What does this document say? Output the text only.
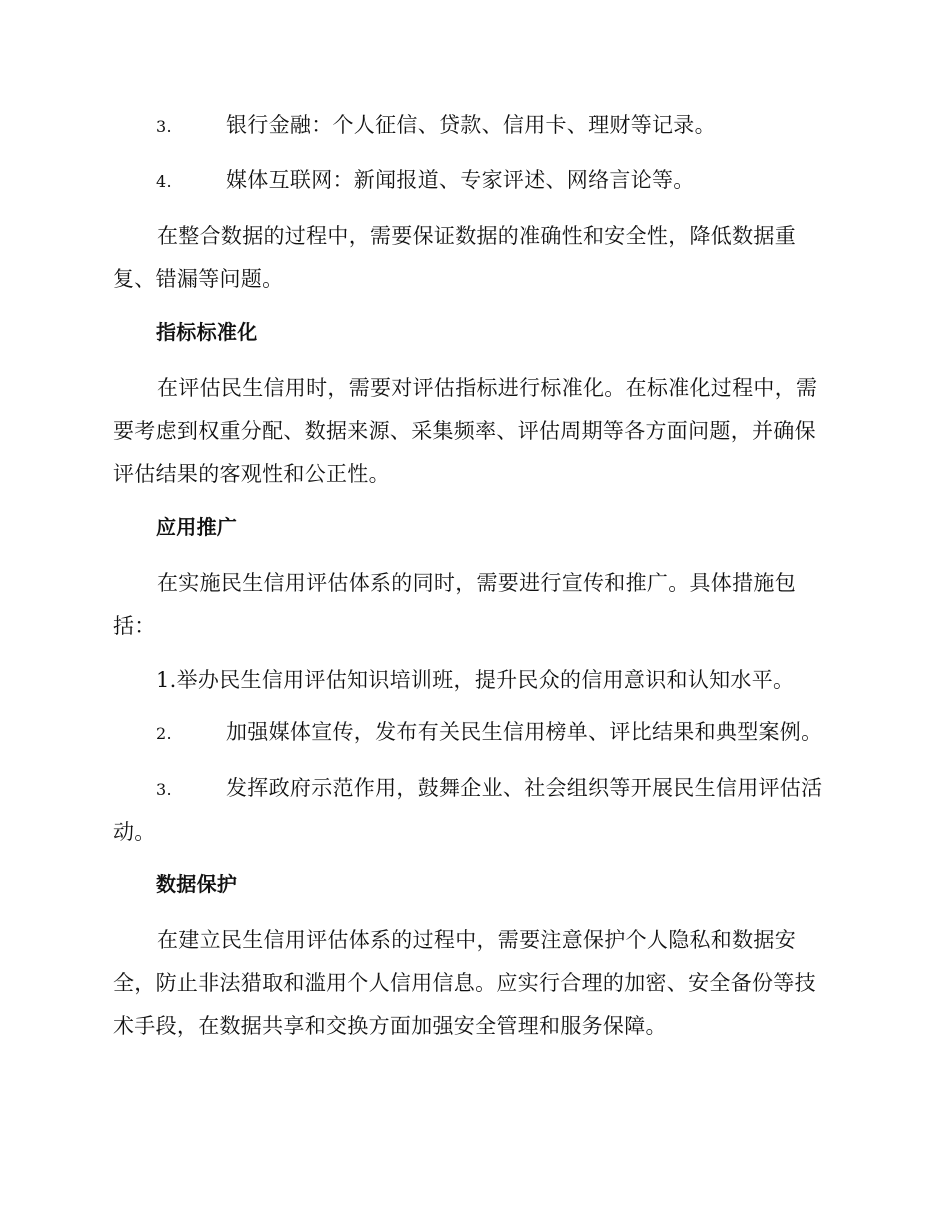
3.	银行金融：个人征信、贷款、信用卡、理财等记录。

4.	媒体互联网：新闻报道、专家评述、网络言论等。

在整合数据的过程中，需要保证数据的准确性和安全性，降低数据重复、错漏等问题。

指标标准化

在评估民生信用时，需要对评估指标进行标准化。在标准化过程中，需要考虑到权重分配、数据来源、采集频率、评估周期等各方面问题，并确保评估结果的客观性和公正性。

应用推广

在实施民生信用评估体系的同时，需要进行宣传和推广。具体措施包括：

1.举办民生信用评估知识培训班，提升民众的信用意识和认知水平。

2.	加强媒体宣传，发布有关民生信用榜单、评比结果和典型案例。

3.	发挥政府示范作用，鼓舞企业、社会组织等开展民生信用评估活动。

数据保护

在建立民生信用评估体系的过程中，需要注意保护个人隐私和数据安全，防止非法猎取和滥用个人信用信息。应实行合理的加密、安全备份等技术手段，在数据共享和交换方面加强安全管理和服务保障。
